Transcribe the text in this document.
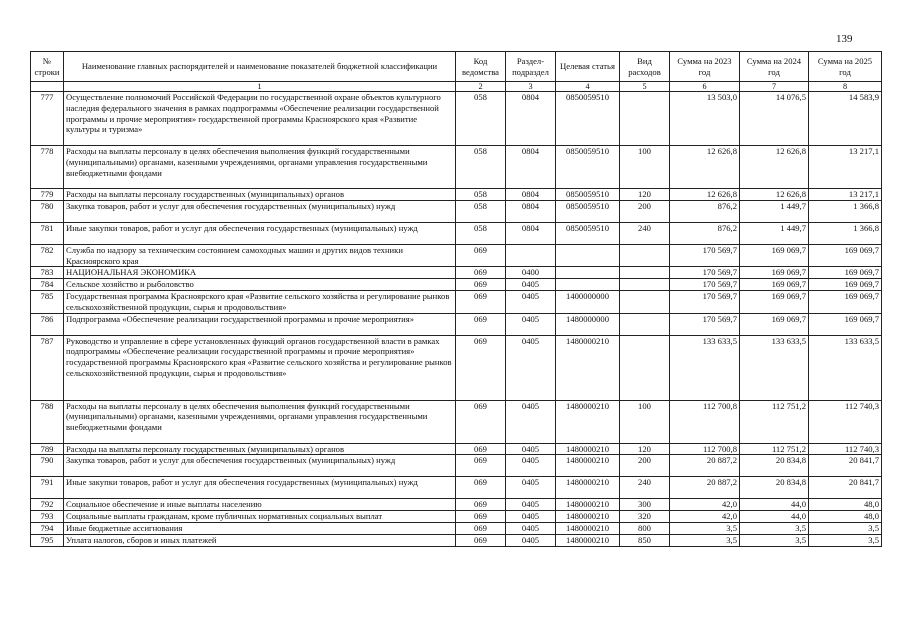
139
№ строки	Наименование главных распорядителей и наименование показателей бюджетной классификации	Код ведомства	Раздел-подраздел	Целевая статья	Вид расходов	Сумма на 2023 год	Сумма на 2024 год	Сумма на 2025 год
	1	2	3	4	5	6	7	8
777	Осуществление полномочий Российской Федерации по государственной охране объектов культурного наследия федерального значения в рамках подпрограммы «Обеспечение реализации государственной программы и прочие мероприятия» государственной программы Красноярского края «Развитие культуры и туризма»	058	0804	0850059510		13 503,0	14 076,5	14 583,9
778	Расходы на выплаты персоналу в целях обеспечения выполнения функций государственными (муниципальными) органами, казенными учреждениями, органами управления государственными внебюджетными фондами	058	0804	0850059510	100	12 626,8	12 626,8	13 217,1
779	Расходы на выплаты персоналу государственных (муниципальных) органов	058	0804	0850059510	120	12 626,8	12 626,8	13 217,1
780	Закупка товаров, работ и услуг для обеспечения государственных (муниципальных) нужд	058	0804	0850059510	200	876,2	1 449,7	1 366,8
781	Иные закупки товаров, работ и услуг для обеспечения государственных (муниципальных) нужд	058	0804	0850059510	240	876,2	1 449,7	1 366,8
782	Служба по надзору за техническим состоянием самоходных машин и других видов техники Красноярского края	069				170 569,7	169 069,7	169 069,7
783	НАЦИОНАЛЬНАЯ ЭКОНОМИКА	069	0400			170 569,7	169 069,7	169 069,7
784	Сельское хозяйство и рыболовство	069	0405			170 569,7	169 069,7	169 069,7
785	Государственная программа Красноярского края «Развитие сельского хозяйства и регулирование рынков сельскохозяйственной продукции, сырья и продовольствия»	069	0405	1400000000		170 569,7	169 069,7	169 069,7
786	Подпрограмма «Обеспечение реализации государственной программы и прочие мероприятия»	069	0405	1480000000		170 569,7	169 069,7	169 069,7
787	Руководство и управление в сфере установленных функций органов государственной власти в рамках подпрограммы «Обеспечение реализации государственной программы и прочие мероприятия» государственной программы Красноярского края «Развитие сельского хозяйства и регулирование рынков сельскохозяйственной продукции, сырья и продовольствия»	069	0405	1480000210		133 633,5	133 633,5	133 633,5
788	Расходы на выплаты персоналу в целях обеспечения выполнения функций государственными (муниципальными) органами, казенными учреждениями, органами управления государственными внебюджетными фондами	069	0405	1480000210	100	112 700,8	112 751,2	112 740,3
789	Расходы на выплаты персоналу государственных (муниципальных) органов	069	0405	1480000210	120	112 700,8	112 751,2	112 740,3
790	Закупка товаров, работ и услуг для обеспечения государственных (муниципальных) нужд	069	0405	1480000210	200	20 887,2	20 834,8	20 841,7
791	Иные закупки товаров, работ и услуг для обеспечения государственных (муниципальных) нужд	069	0405	1480000210	240	20 887,2	20 834,8	20 841,7
792	Социальное обеспечение и иные выплаты населению	069	0405	1480000210	300	42,0	44,0	48,0
793	Социальные выплаты гражданам, кроме публичных нормативных социальных выплат	069	0405	1480000210	320	42,0	44,0	48,0
794	Иные бюджетные ассигнования	069	0405	1480000210	800	3,5	3,5	3,5
795	Уплата налогов, сборов и иных платежей	069	0405	1480000210	850	3,5	3,5	3,5
